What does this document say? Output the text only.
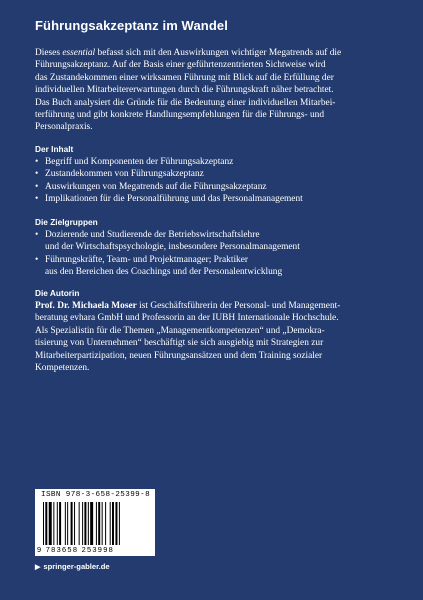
Führungsakzeptanz im Wandel

Dieses essential befasst sich mit den Auswirkungen wichtiger Megatrends auf die

Führungsakzeptanz. Auf der Basis einer geführtenzentrierten Sichtweise wird

das Zustandekommen einer wirksamen Führung mit Blick auf die Erfüllung der

individuellen Mitarbeitererwartungen durch die Führungskraft näher betrachtet.

Das Buch analysiert die Gründe für die Bedeutung einer individuellen Mitarbei-

terführung und gibt konkrete Handlungsempfehlungen für die Führungs- und

Personalpraxis.

Der Inhalt
• Begriff und Komponenten der Führungsakzeptanz
• Zustandekommen von Führungsakzeptanz
• Auswirkungen von Megatrends auf die Führungsakzeptanz
• Implikationen für die Personalführung und das Personalmanagement
Die Zielgruppen
• Dozierende und Studierende der Betriebswirtschaftslehre
und der Wirtschaftspsychologie, insbesondere Personalmanagement
• Führungskräfte, Team- und Projektmanager; Praktiker
aus den Bereichen des Coachings und der Personalentwicklung
Die Autorin
Prof. Dr. Michaela Moser ist Geschäftsführerin der Personal- und Management-
beratung evhara GmbH und Professorin an der IUBH Internationale Hochschule.
Als Spezialistin für die Themen „Managementkompetenzen“ und „Demokra-
tisierung von Unternehmen“ beschäftigt sie sich ausgiebig mit Strategien zur
Mitarbeiterpartizipation, neuen Führungsansätzen und dem Training sozialer
Kompetenzen.
ISBN 978-3-658-25399-8
9 783658 253998
▶ springer-gabler.de
